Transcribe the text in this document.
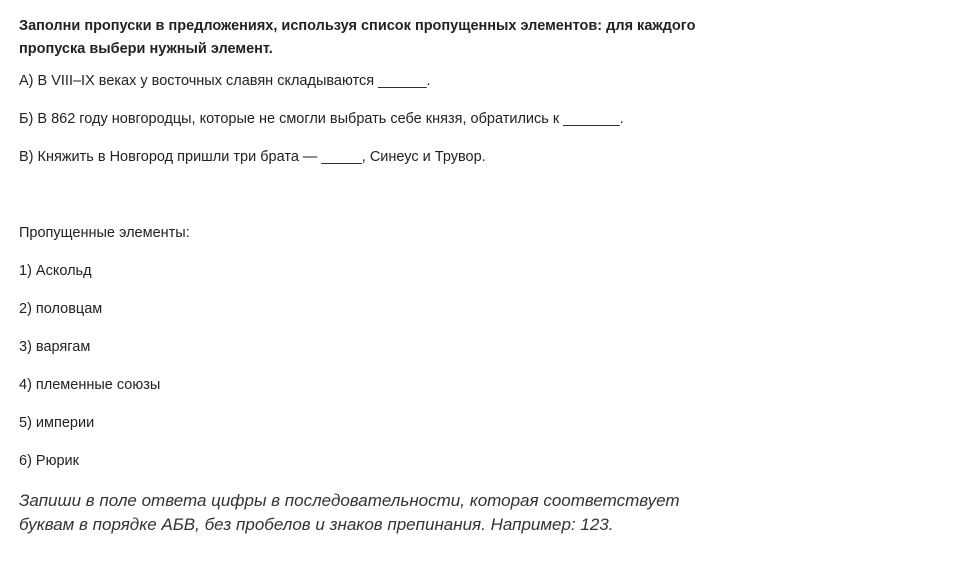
Заполни пропуски в предложениях, используя список пропущенных элементов: для каждого пропуска выбери нужный элемент.

А) В VIII–IX веках у восточных славян складываются ______.

Б) В 862 году новгородцы, которые не смогли выбрать себе князя, обратились к _______.

В) Княжить в Новгород пришли три брата — _____, Синеус и Трувор.

Пропущенные элементы:

1) Аскольд

2) половцам

3) варягам

4) племенные союзы

5) империи

6) Рюрик

Запиши в поле ответа цифры в последовательности, которая соответствует буквам в порядке АБВ, без пробелов и знаков препинания. Например: 123.
